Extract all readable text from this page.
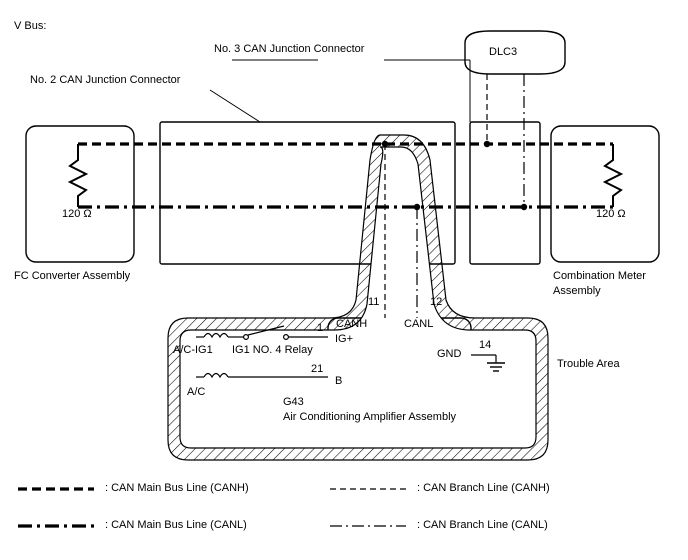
V Bus:
No. 3 CAN Junction Connector
No. 2 CAN Junction Connector
DLC3
120 Ω	120 Ω
FC Converter Assembly	Combination Meter
Assembly
11	12
CANH	CANL
1
IG+
GND
14
21
B
A/C-IG1 IG1 NO. 4 Relay
A/C
G43
Air Conditioning Amplifier Assembly
Trouble Area
: CAN Main Bus Line (CANH)	: CAN Branch Line (CANH)
: CAN Main Bus Line (CANL)	: CAN Branch Line (CANL)
